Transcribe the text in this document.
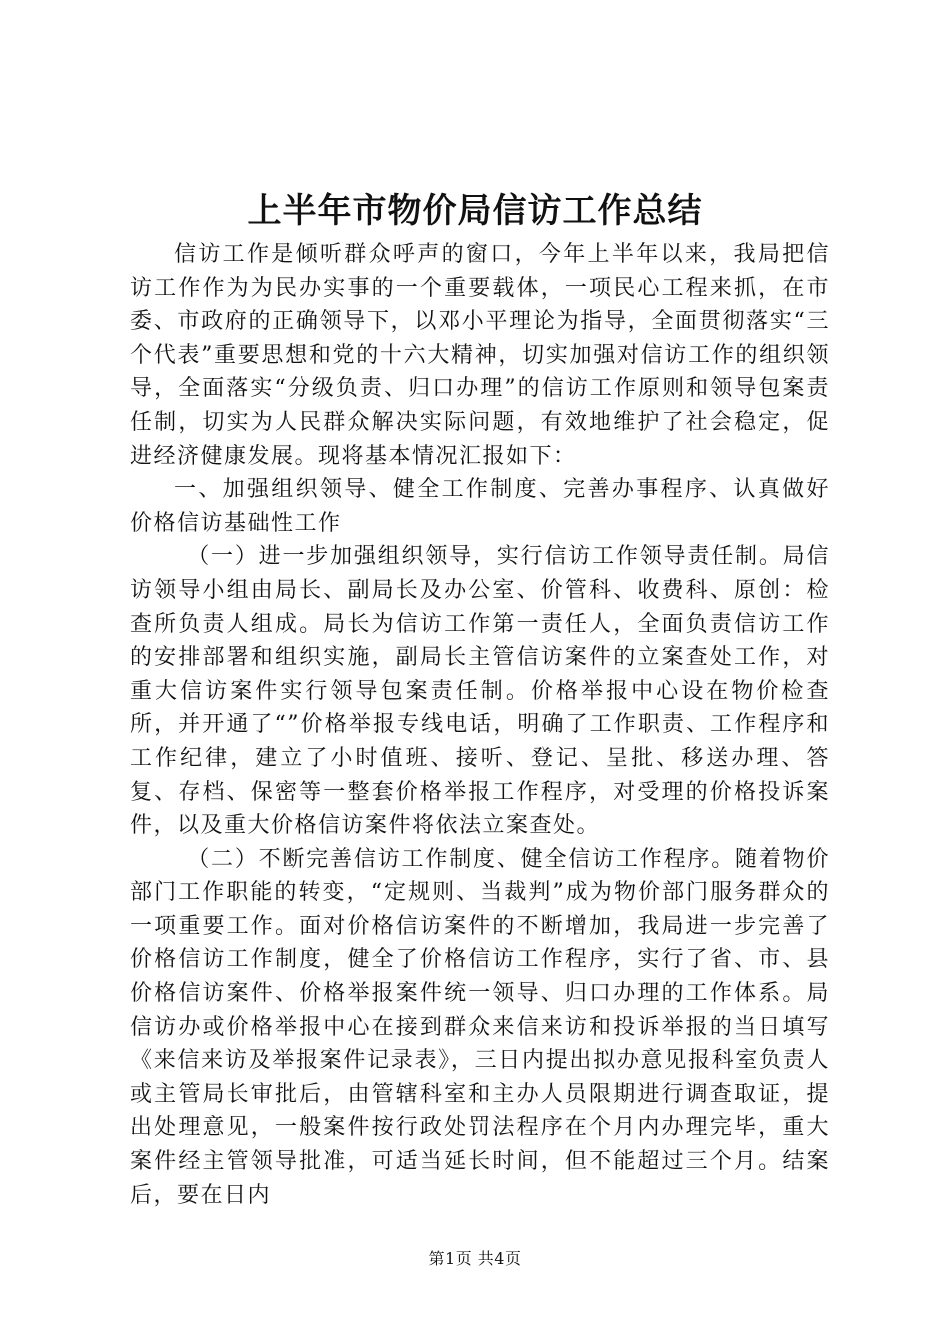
上半年市物价局信访工作总结

信访工作是倾听群众呼声的窗口，今年上半年以来，我局把信访工作作为为民办实事的一个重要载体，一项民心工程来抓，在市委、市政府的正确领导下，以邓小平理论为指导，全面贯彻落实“三个代表”重要思想和党的十六大精神，切实加强对信访工作的组织领导，全面落实“分级负责、归口办理”的信访工作原则和领导包案责任制，切实为人民群众解决实际问题，有效地维护了社会稳定，促进经济健康发展。现将基本情况汇报如下：

一、加强组织领导、健全工作制度、完善办事程序、认真做好价格信访基础性工作

（一）进一步加强组织领导，实行信访工作领导责任制。局信访领导小组由局长、副局长及办公室、价管科、收费科、原创：检查所负责人组成。局长为信访工作第一责任人，全面负责信访工作的安排部署和组织实施，副局长主管信访案件的立案查处工作，对重大信访案件实行领导包案责任制。价格举报中心设在物价检查所，并开通了“”价格举报专线电话，明确了工作职责、工作程序和工作纪律，建立了小时值班、接听、登记、呈批、移送办理、答复、存档、保密等一整套价格举报工作程序，对受理的价格投诉案件，以及重大价格信访案件将依法立案查处。

（二）不断完善信访工作制度、健全信访工作程序。随着物价部门工作职能的转变，“定规则、当裁判”成为物价部门服务群众的一项重要工作。面对价格信访案件的不断增加，我局进一步完善了价格信访工作制度，健全了价格信访工作程序，实行了省、市、县价格信访案件、价格举报案件统一领导、归口办理的工作体系。局信访办或价格举报中心在接到群众来信来访和投诉举报的当日填写《来信来访及举报案件记录表》，三日内提出拟办意见报科室负责人或主管局长审批后，由管辖科室和主办人员限期进行调查取证，提出处理意见，一般案件按行政处罚法程序在个月内办理完毕，重大案件经主管领导批准，可适当延长时间，但不能超过三个月。结案后，要在日内

第1页 共4页
